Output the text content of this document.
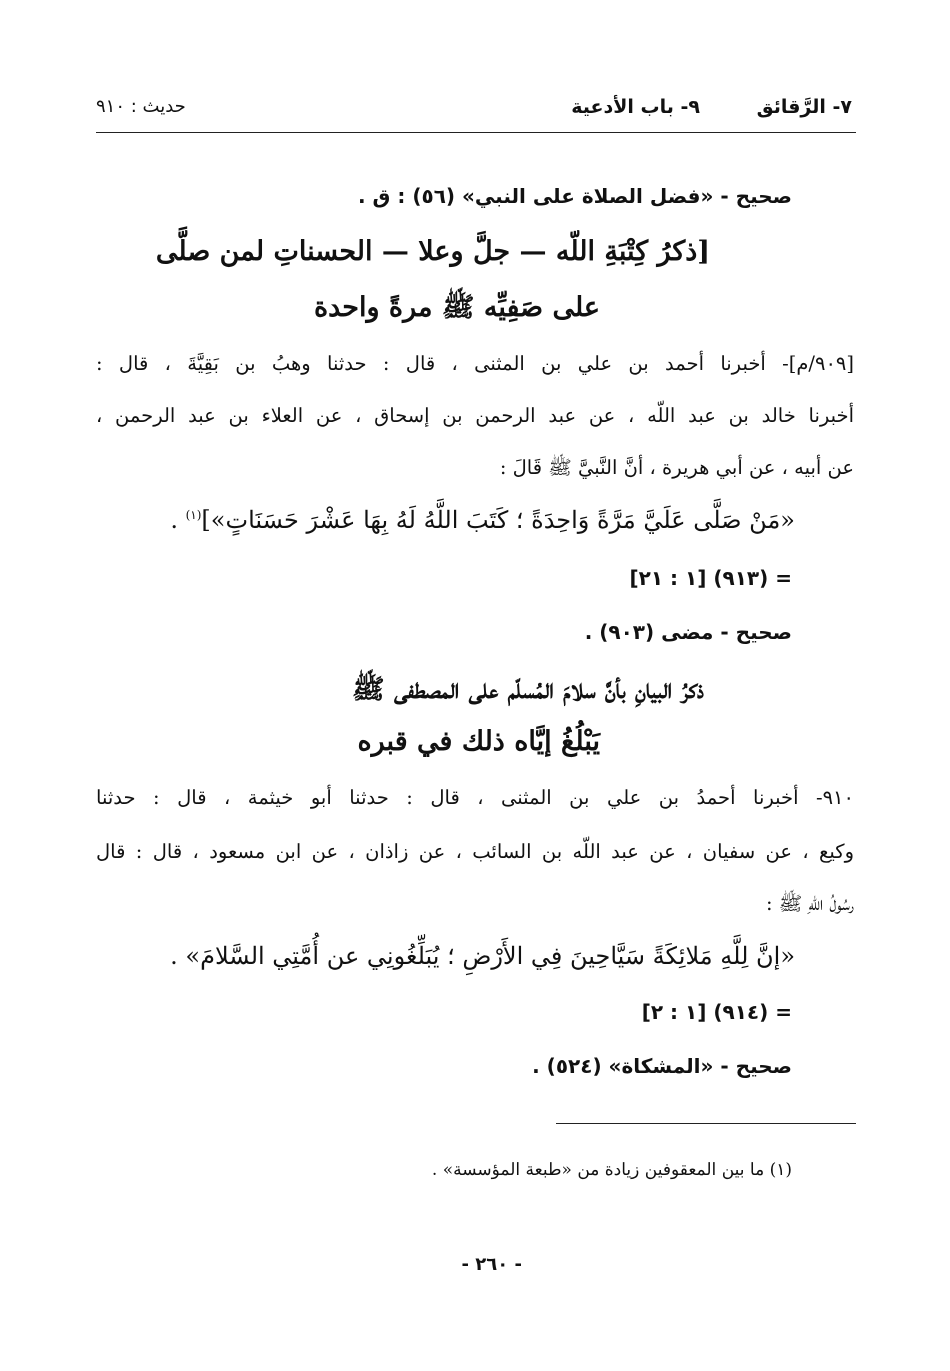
٧- الرَّقائق
٩- باب الأدعية
حديث : ٩١٠
صحيح - «فضل الصلاة على النبي» (٥٦) : ق .
[ذكرُ كِتْبَةِ اللّه — جلَّ وعلا — الحسناتِ لمن صلَّى
على صَفِيِّه ﷺ مرةً واحدة
[٩٠٩/م]- أخبرنا أحمد بن علي بن المثنى ، قال : حدثنا وهبُ بن بَقِيَّةَ ، قال :
أخبرنا خالد بن عبد اللّه ، عن عبد الرحمن بن إسحاق ، عن العلاء بن عبد الرحمن ،
عن أبيه ، عن أبي هريرة ، أنَّ النَّبيَّ ﷺ قَالَ :
«مَنْ صَلَّى عَلَيَّ مَرَّةً وَاحِدَةً ؛ كَتَبَ اللَّهُ لَهُ بِهَا عَشْرَ حَسَنَاتٍ»]$^{(١)}$ .
= (٩١٣) [١ : ٢١]
صحيح - مضى (٩٠٣) .
ذكرُ البيانِ بأنَّ سلامَ المُسلّم على المصطفى ﷺ
يَبْلُغُ إيَّاه ذلك في قبره
٩١٠- أخبرنا أحمدُ بن علي بن المثنى ، قال : حدثنا أبو خيثمة ، قال : حدثنا
وكيع ، عن سفيان ، عن عبد اللّه بن السائب ، عن زاذان ، عن ابن مسعود ، قال : قال
رسُولُ اللّهِ ﷺ :
«إنَّ لِلَّهِ مَلائِكَةً سَيَّاحِينَ فِي الأَرْضِ ؛ يُبَلِّغُونِي عن أُمَّتِي السَّلامَ» .
= (٩١٤) [١ : ٢]
صحيح - «المشكاة» (٥٢٤) .
(١) ما بين المعقوفين زيادة من «طبعة المؤسسة» .
- ٢٦٠ -
